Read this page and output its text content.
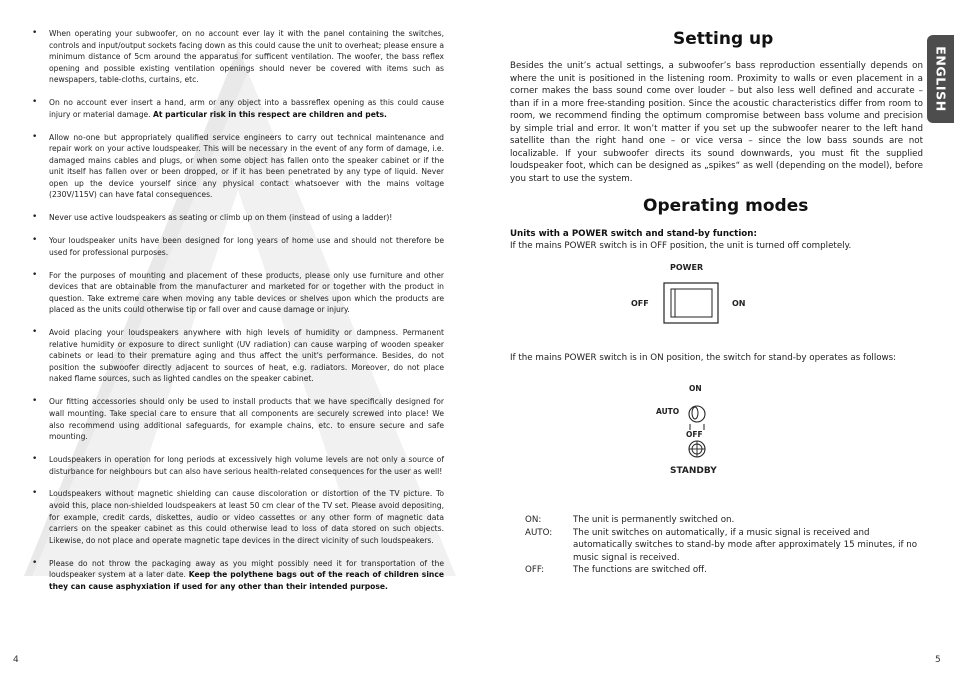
• When operating your subwoofer, on no account ever lay it with the panel containing the switches, controls and input/output sockets facing down as this could cause the unit to overheat; please ensure a minimum distance of 5cm around the apparatus for sufficent ventilation. The woofer, the bass reflex opening and possible existing ventilation openings should never be covered with items such as newspapers, table-cloths, curtains, etc.
• On no account ever insert a hand, arm or any object into a bassreflex opening as this could cause injury or material damage. At particular risk in this respect are children and pets.
• Allow no-one but appropriately qualified service engineers to carry out technical maintenance and repair work on your active loudspeaker. This will be necessary in the event of any form of damage, i.e. damaged mains cables and plugs, or when some object has fallen onto the speaker cabinet or if the unit itself has fallen over or been dropped, or if it has been penetrated by any type of liquid. Never open up the device yourself since any physical contact whatsoever with the mains voltage (230V/115V) can have fatal consequences.
• Never use active loudspeakers as seating or climb up on them (instead of using a ladder)!
• Your loudspeaker units have been designed for long years of home use and should not therefore be used for professional purposes.
• For the purposes of mounting and placement of these products, please only use furniture and other devices that are obtainable from the manufacturer and marketed for or together with the product in question. Take extreme care when moving any table devices or shelves upon which the products are placed as the units could otherwise tip or fall over and cause damage or injury.
• Avoid placing your loudspeakers anywhere with high levels of humidity or dampness. Permanent relative humidity or exposure to direct sunlight (UV radiation) can cause warping of wooden speaker cabinets or lead to their premature aging and thus affect the unit's performance. Besides, do not position the subwoofer directly adjacent to sources of heat, e.g. radiators. Moreover, do not place naked flame sources, such as lighted candles on the speaker cabinet.
• Our fitting accessories should only be used to install products that we have specifically designed for wall mounting. Take special care to ensure that all components are securely screwed into place! We also recommend using additional safeguards, for example chains, etc. to ensure secure and safe mounting.
• Loudspeakers in operation for long periods at excessively high volume levels are not only a source of disturbance for neighbours but can also have serious health-related consequences for the user as well!
• Loudspeakers without magnetic shielding can cause discoloration or distortion of the TV picture. To avoid this, place non-shielded loudspeakers at least 50 cm clear of the TV set. Please avoid depositing, for example, credit cards, diskettes, audio or video cassettes or any other form of magnetic data carriers on the speaker cabinet as this could otherwise lead to loss of data stored on such objects. Likewise, do not place and operate magnetic tape devices in the direct vicinity of such loudspeakers.
• Please do not throw the packaging away as you might possibly need it for transportation of the loudspeaker system at a later date. Keep the polythene bags out of the reach of children since they can cause asphyxiation if used for any other than their intended purpose.
4
ENGLISH
Setting up

Besides the unit’s actual settings, a subwoofer’s bass reproduction essentially depends on where the unit is positioned in the listening room. Proximity to walls or even placement in a corner makes the bass sound come over louder – but also less well defined and accurate – than if in a more free-standing position. Since the acoustic characteristics differ from room to room, we recommend finding the optimum compromise between bass volume and precision by simple trial and error. It won’t matter if you set up the subwoofer nearer to the left hand satellite than the right hand one – or vice versa – since the low bass sounds are not localizable. If your subwoofer directs its sound downwards, you must fit the supplied loudspeaker foot, which can be designed as „spikes“ as well (depending on the model), before you start to use the system.

Operating modes

Units with a POWER switch and stand-by function:

If the mains POWER switch is in OFF position, the unit is turned off completely.

POWER
OFF	ON

If the mains POWER switch is in ON position, the switch for stand-by operates as follows:

ON
AUTO
OFF
STANDBY
ON:	The unit is permanently switched on.
AUTO:	The unit switches on automatically, if a music signal is received and automatically switches to stand-by mode after approximately 15 minutes, if no music signal is received.
OFF:	The functions are switched off.
5
